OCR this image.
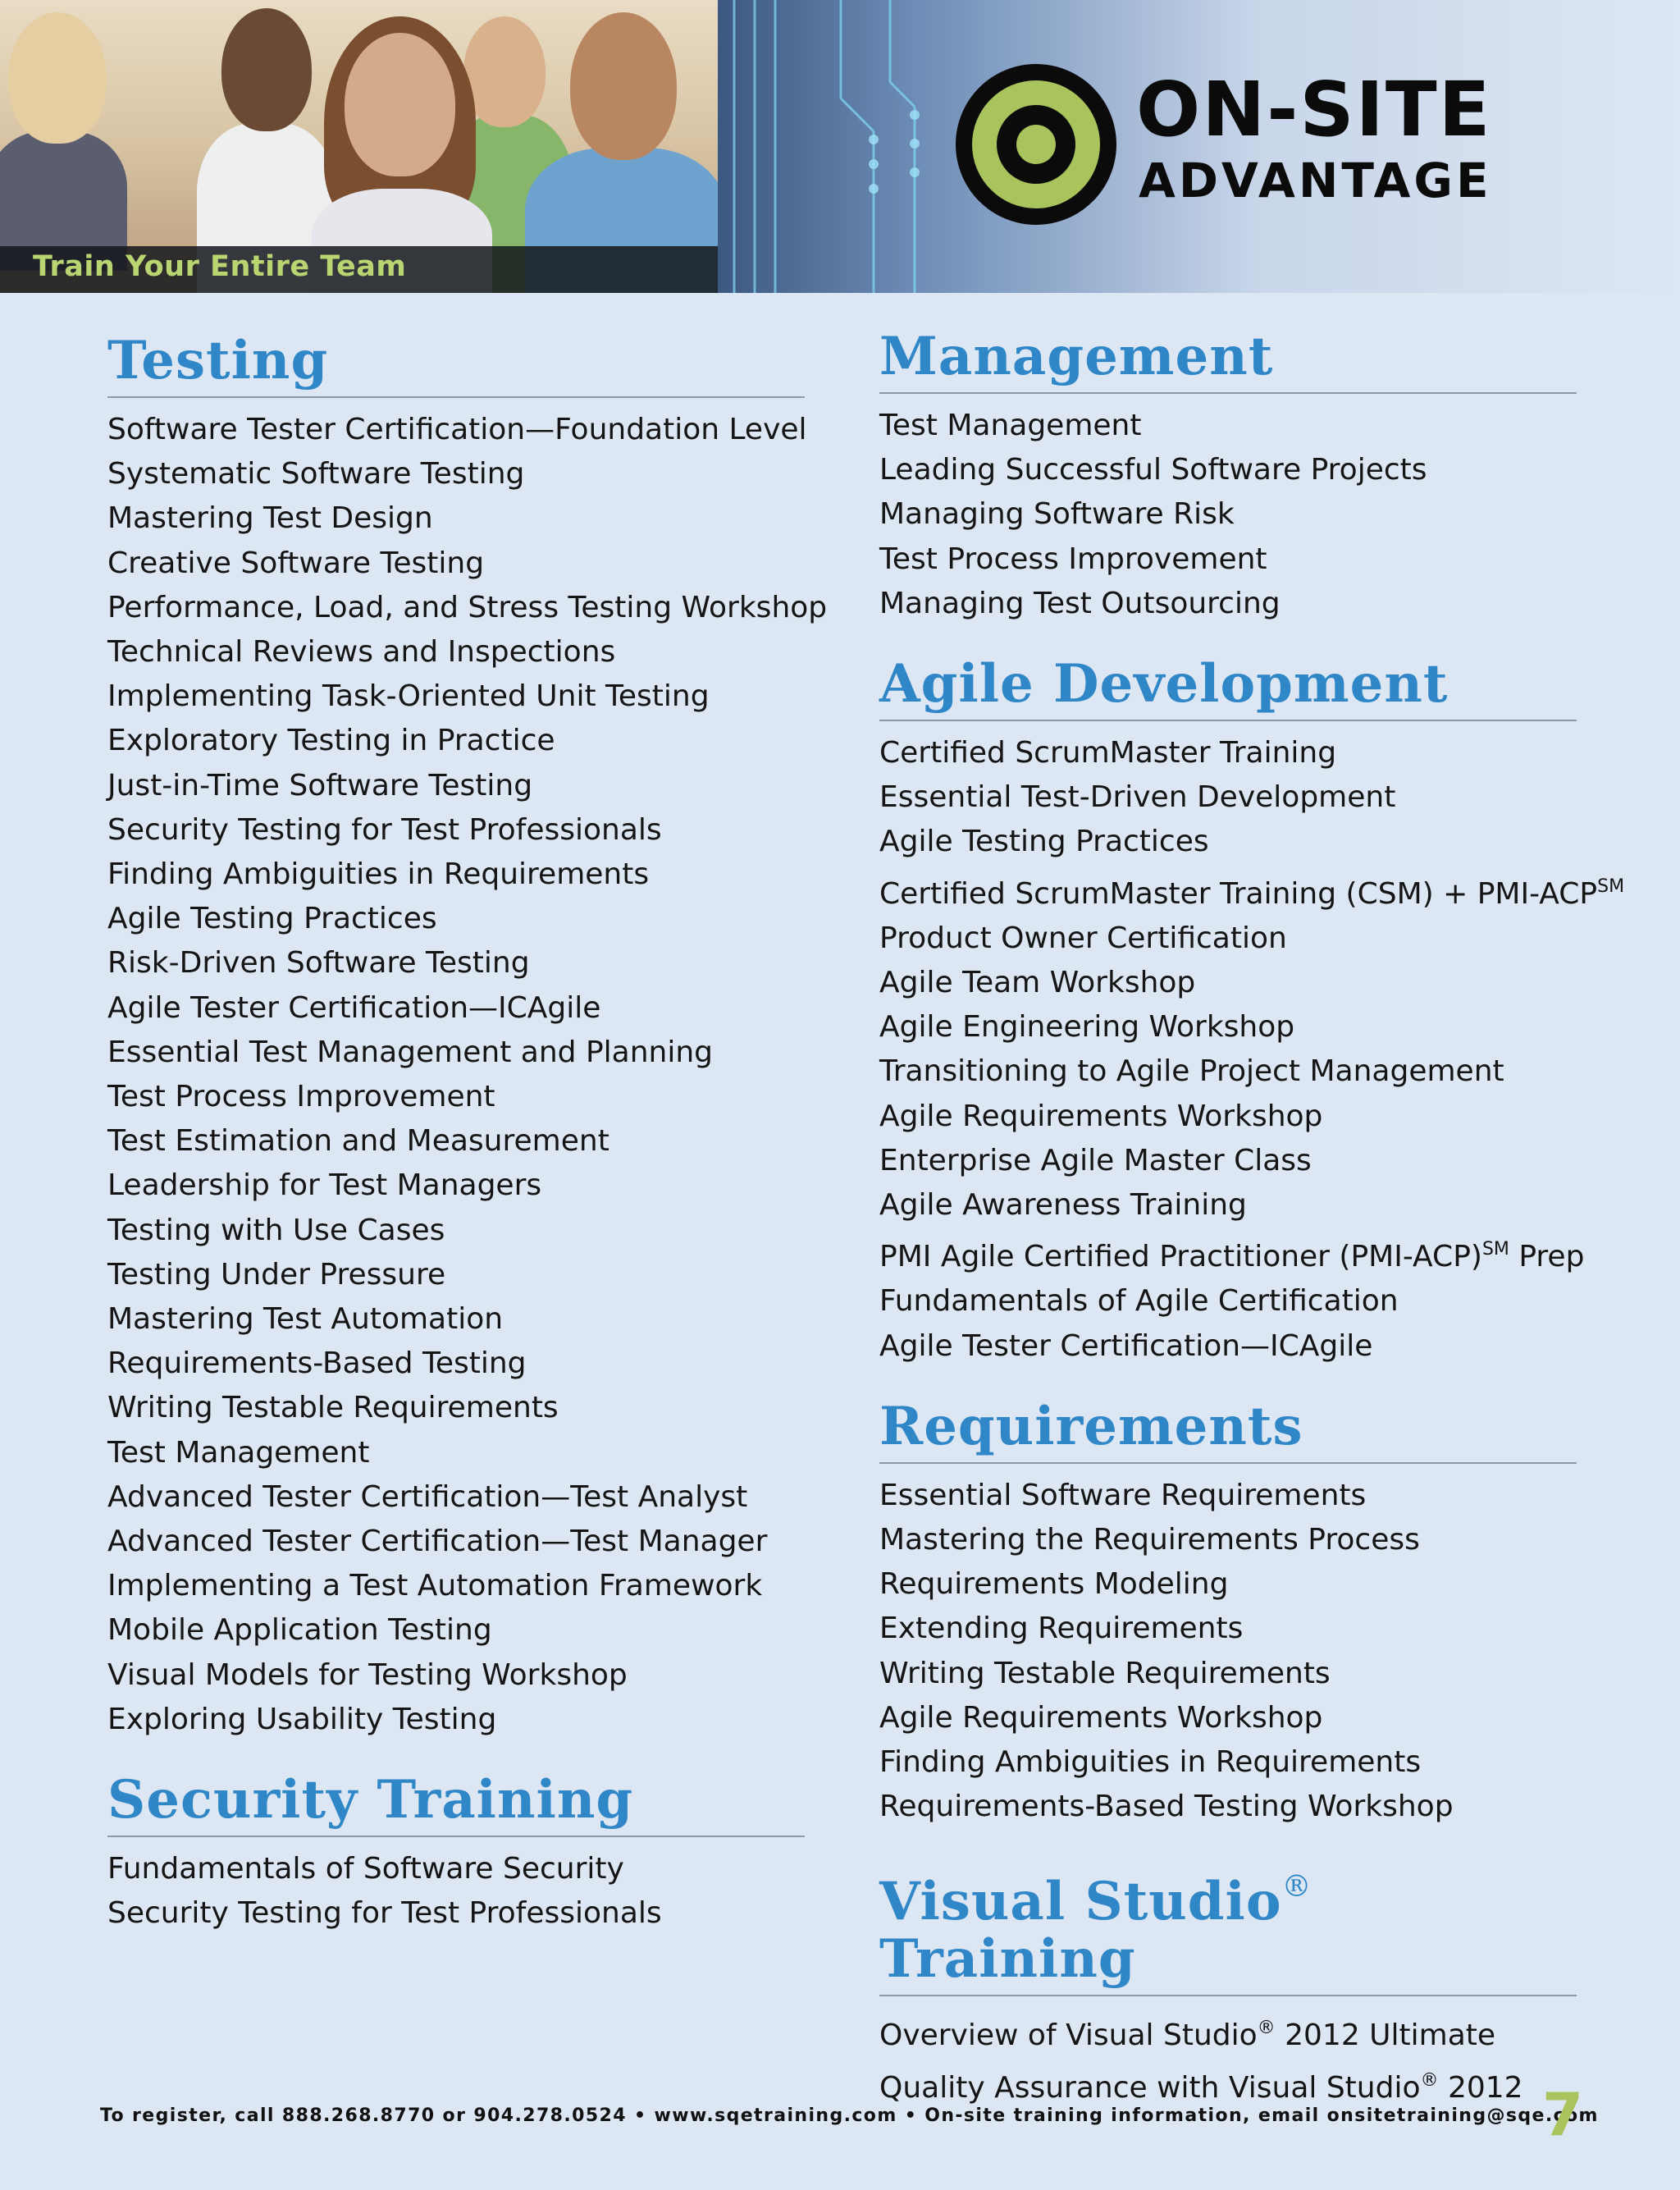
Train Your Entire Team
ON-SITE
ADVANTAGE
Testing
Software Tester Certification—Foundation Level
Systematic Software Testing
Mastering Test Design
Creative Software Testing
Performance, Load, and Stress Testing Workshop
Technical Reviews and Inspections
Implementing Task-Oriented Unit Testing
Exploratory Testing in Practice
Just-in-Time Software Testing
Security Testing for Test Professionals
Finding Ambiguities in Requirements
Agile Testing Practices
Risk-Driven Software Testing
Agile Tester Certification—ICAgile
Essential Test Management and Planning
Test Process Improvement
Test Estimation and Measurement
Leadership for Test Managers
Testing with Use Cases
Testing Under Pressure
Mastering Test Automation
Requirements-Based Testing
Writing Testable Requirements
Test Management
Advanced Tester Certification—Test Analyst
Advanced Tester Certification—Test Manager
Implementing a Test Automation Framework
Mobile Application Testing
Visual Models for Testing Workshop
Exploring Usability Testing
Security Training
Fundamentals of Software Security
Security Testing for Test Professionals
Management
Test Management
Leading Successful Software Projects
Managing Software Risk
Test Process Improvement
Managing Test Outsourcing
Agile Development
Certified ScrumMaster Training
Essential Test-Driven Development
Agile Testing Practices
Certified ScrumMaster Training (CSM) + PMI-ACP℠
Product Owner Certification
Agile Team Workshop
Agile Engineering Workshop
Transitioning to Agile Project Management
Agile Requirements Workshop
Enterprise Agile Master Class
Agile Awareness Training
PMI Agile Certified Practitioner (PMI-ACP)℠ Prep
Fundamentals of Agile Certification
Agile Tester Certification—ICAgile
Requirements
Essential Software Requirements
Mastering the Requirements Process
Requirements Modeling
Extending Requirements
Writing Testable Requirements
Agile Requirements Workshop
Finding Ambiguities in Requirements
Requirements-Based Testing Workshop
Visual Studio®
Training
Overview of Visual Studio® 2012 Ultimate
Quality Assurance with Visual Studio® 2012
To register, call 888.268.8770 or 904.278.0524 • www.sqetraining.com • On-site training information, email onsitetraining@sqe.com
7
